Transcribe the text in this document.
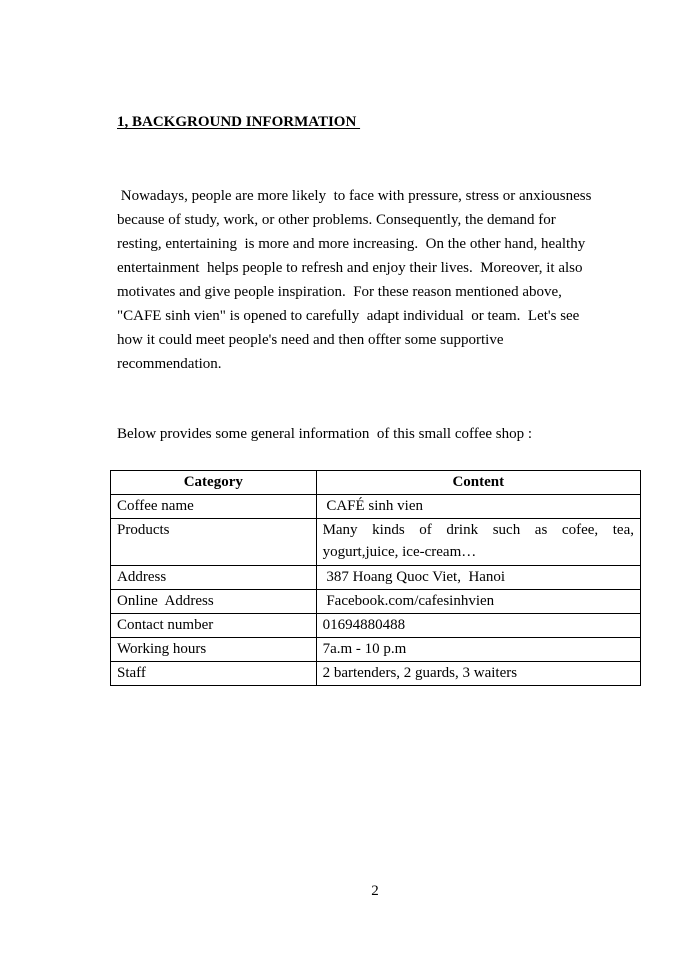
1, BACKGROUND INFORMATION
Nowadays, people are more likely  to face with pressure, stress or anxiousness
because of study, work, or other problems. Consequently, the demand for
resting, entertaining  is more and more increasing.  On the other hand, healthy
entertainment  helps people to refresh and enjoy their lives.  Moreover, it also
motivates and give people inspiration.  For these reason mentioned above,
"CAFE sinh vien" is opened to carefully  adapt individual  or team.  Let's see
how it could meet people's need and then offter some supportive
recommendation.
Below provides some general information  of this small coffee shop :
Category	Content
Coffee name	CAFÉ sinh vien
Products	Many kinds of drink such as cofee, tea,
yogurt,juice, ice-cream…

Address	387 Hoang Quoc Viet,  Hanoi
Online  Address	Facebook.com/cafesinhvien
Contact number	01694880488
Working hours	7a.m - 10 p.m
Staff	2 bartenders, 2 guards, 3 waiters
2
